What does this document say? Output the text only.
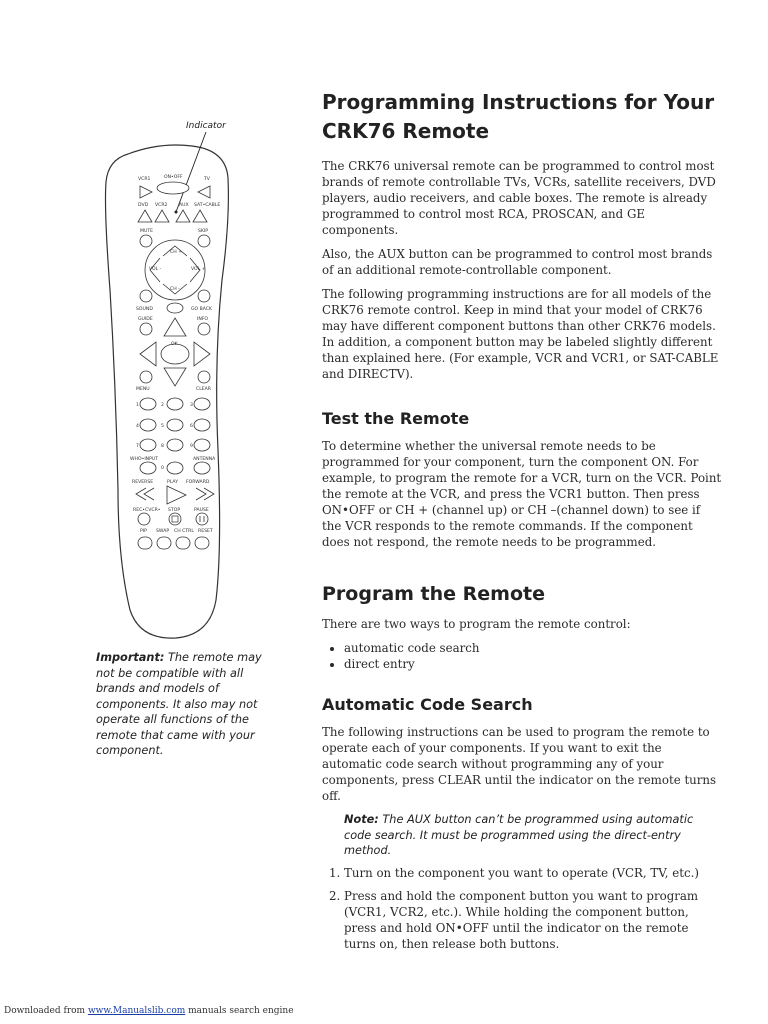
Indicator
VCR1	ON•OFF	TV
DVD VCR2	AUX SAT•CABLE
MUTE	SKIP
CH +
CH -
VOL -	VOL +
SOUND	GO BACK
GUIDE	INFO
OK
MENU	CLEAR
1	2	3
4	5	6
7	8	9
WHO•INPUT	ANTENNA
0
REVERSE	PLAY FORWARD
REC•CVCR• STOP	PAUSE
PIP SWAP CH CTRL RESET
Important: The remote may not be compatible with all brands and models of components. It also may not operate all functions of the remote that came with your component.
Programming Instructions for Your CRK76 Remote

The CRK76 universal remote can be programmed to control most brands of remote controllable TVs, VCRs, satellite receivers, DVD players, audio receivers, and cable boxes. The remote is already programmed to control most RCA, PROSCAN, and GE components.

Also, the AUX button can be programmed to control most brands of an additional remote-controllable component.

The following programming instructions are for all models of the CRK76 remote control. Keep in mind that your model of CRK76 may have different component buttons than other CRK76 models. In addition, a component button may be labeled slightly different than explained here. (For example, VCR and VCR1, or SAT-CABLE and DIRECTV).

Test the Remote

To determine whether the universal remote needs to be programmed for your component, turn the component ON. For example, to program the remote for a VCR, turn on the VCR. Point the remote at the VCR, and press the VCR1 button. Then press ON•OFF or CH + (channel up) or CH –(channel down) to see if the VCR responds to the remote commands. If the component does not respond, the remote needs to be programmed.

Program the Remote

There are two ways to program the remote control:

• automatic code search
• direct entry
Automatic Code Search

The following instructions can be used to program the remote to operate each of your components. If you want to exit the automatic code search without programming any of your components, press CLEAR until the indicator on the remote turns off.

Note: The AUX button can’t be programmed using automatic code search. It must be programmed using the direct-entry method.
1. Turn on the component you want to operate (VCR, TV, etc.)
2. Press and hold the component button you want to program (VCR1, VCR2, etc.). While holding the component button, press and hold ON•OFF until the indicator on the remote turns on, then release both buttons.
Downloaded from www.Manualslib.com manuals search engine
